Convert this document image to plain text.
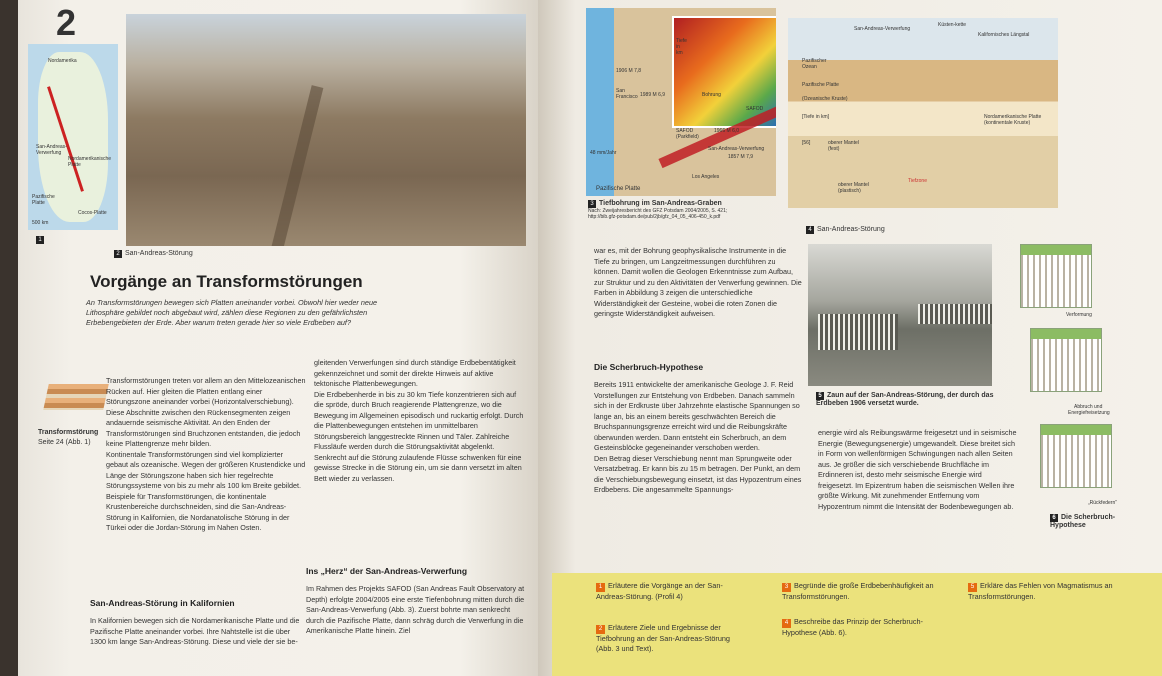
2
Nordamerika
San-Andreas-Verwerfung
Nordamerikanische Platte
Pazifische Platte
Cocos-Platte
500 km
1
2 San-Andreas-Störung
Vorgänge an Transformstörungen
An Transformstörungen bewegen sich Platten aneinander vorbei. Obwohl hier weder neue Lithosphäre gebildet noch abgebaut wird, zählen diese Regionen zu den gefährlichsten Erbebengebieten der Erde. Aber warum treten gerade hier so viele Erdbeben auf?
Transformstörung
Seite 24 (Abb. 1)
Transformstörungen treten vor allem an den Mittelozeanischen Rücken auf. Hier gleiten die Platten entlang einer Störungszone aneinander vorbei (Horizontalverschiebung). Diese Abschnitte zwischen den Rückensegmenten zeigen andauernde seismische Aktivität. An den Enden der Transformstörungen sind Bruchzonen entstanden, die jedoch keine Plattengrenze mehr bilden.
Kontinentale Transformstörungen sind viel komplizierter gebaut als ozeanische. Wegen der größeren Krustendicke und Länge der Störungszone haben sich hier regelrechte Störungssysteme von bis zu mehr als 100 km Breite gebildet. Beispiele für Transformstörungen, die kontinentale Krustenbereiche durchschneiden, sind die San-Andreas-Störung in Kalifornien, die Nordanatolische Störung in der Türkei oder die Jordan-Störung im Nahen Osten.
San-Andreas-Störung in Kalifornien
In Kalifornien bewegen sich die Nordamerikanische Platte und die Pazifische Platte aneinander vorbei. Ihre Nahtstelle ist die über 1300 km lange San-Andreas-Störung. Diese und viele der sie be-
gleitenden Verwerfungen sind durch ständige Erdbebentätigkeit gekennzeichnet und somit der direkte Hinweis auf aktive tektonische Plattenbewegungen.
Die Erdbebenherde in bis zu 30 km Tiefe konzentrieren sich auf die spröde, durch Bruch reagierende Plattengrenze, wo die Bewegung im Allgemeinen episodisch und ruckartig erfolgt. Durch die Plattenbewegungen entstehen im unmittelbaren Störungsbereich langgestreckte Rinnen und Täler. Zahlreiche Flussläufe werden durch die Störungsaktivität abgelenkt. Senkrecht auf die Störung zulaufende Flüsse schwenken für eine gewisse Strecke in die Störung ein, um sie dann versetzt im alten Bett wieder zu verlassen.
Ins „Herz“ der San-Andreas-Verwerfung
Im Rahmen des Projekts SAFOD (San Andreas Fault Observatory at Depth) erfolgte 2004/2005 eine erste Tiefenbohrung mitten durch die San-Andreas-Verwerfung (Abb. 3). Zuerst bohrte man senkrecht durch die Pazifische Platte, dann schräg durch die Verwerfung in die Amerikanische Platte hinein. Ziel
San Francisco
1906 M 7,8
1989 M 6,9
SAFOD (Parkfield)
1966 M 6,0
48 mm/Jahr
Los Angeles
Pazifische Platte
1857 M 7,9
Tiefe in km
Bohrung
SAFOD
San-Andreas-Verwerfung
3 Tiefbohrung im San-Andreas-Graben
Nach: Zweijahresbericht des GFZ Potsdam 2004/2005, S. 421;
http://bib.gfz-potsdam.de/pub/2jb/gfz_04_05_406-450_k.pdf
San-Andreas-Verwerfung
Küsten-kette
Kalifornisches Längstal
Pazifischer Ozean
Pazifische Platte
(Ozeanische Kruste)
[Tiefe in km]	Nordamerikanische Platte (kontinentale Kruste)
[56]	oberer Mantel (fest)
oberer Mantel (plastisch)
Tiefzone
4 San-Andreas-Störung
war es, mit der Bohrung geophysikalische Instrumente in die Tiefe zu bringen, um Langzeitmessungen durchführen zu können. Damit wollen die Geologen Erkenntnisse zum Aufbau, zur Struktur und zu den Aktivitäten der Verwerfung gewinnen. Die Farben in Abbildung 3 zeigen die unterschiedliche Widerständigkeit der Gesteine, wobei die roten Zonen die geringste Widerständigkeit aufweisen.
Die Scherbruch-Hypothese
Bereits 1911 entwickelte der amerikanische Geologe J. F. Reid Vorstellungen zur Entstehung von Erdbeben. Danach sammeln sich in der Erdkruste über Jahrzehnte elastische Spannungen so lange an, bis an einem bereits geschwächten Bereich die Bruchspannungsgrenze erreicht wird und die Reibungskräfte überwunden werden. Dann entsteht ein Scherbruch, an dem Gesteinsblöcke gegeneinander verschoben werden.
Den Betrag dieser Verschiebung nennt man Sprungweite oder Versatzbetrag. Er kann bis zu 15 m betragen. Der Punkt, an dem die Verschiebungsbewegung einsetzt, ist das Hypozentrum eines Erdbebens. Die angesammelte Spannungs-
5 Zaun auf der San-Andreas-Störung, der durch das Erdbeben 1906 versetzt wurde.
energie wird als Reibungswärme freigesetzt und in seismische Energie (Bewegungsenergie) umgewandelt. Diese breitet sich in Form von wellenförmigen Schwingungen nach allen Seiten aus. Je größer die sich verschiebende Bruchfläche im Erdinneren ist, desto mehr seismische Energie wird freigesetzt. Im Epizentrum haben die seismischen Wellen ihre größte Wirkung. Mit zunehmender Entfernung vom Hypozentrum nimmt die Intensität der Bodenbewegungen ab.
Verformung
Abbruch und
Energiefreisetzung
„Rückfedern“
6 Die Scherbruch-Hypothese
1 Erläutere die Vorgänge an der San-Andreas-Störung. (Profil 4)
2 Erläutere Ziele und Ergebnisse der Tiefbohrung an der San-Andreas-Störung (Abb. 3 und Text).
3 Begründe die große Erdbebenhäufigkeit an Transformstörungen.
4 Beschreibe das Prinzip der Scherbruch-Hypothese (Abb. 6).
5 Erkläre das Fehlen von Magmatismus an Transformstörungen.
